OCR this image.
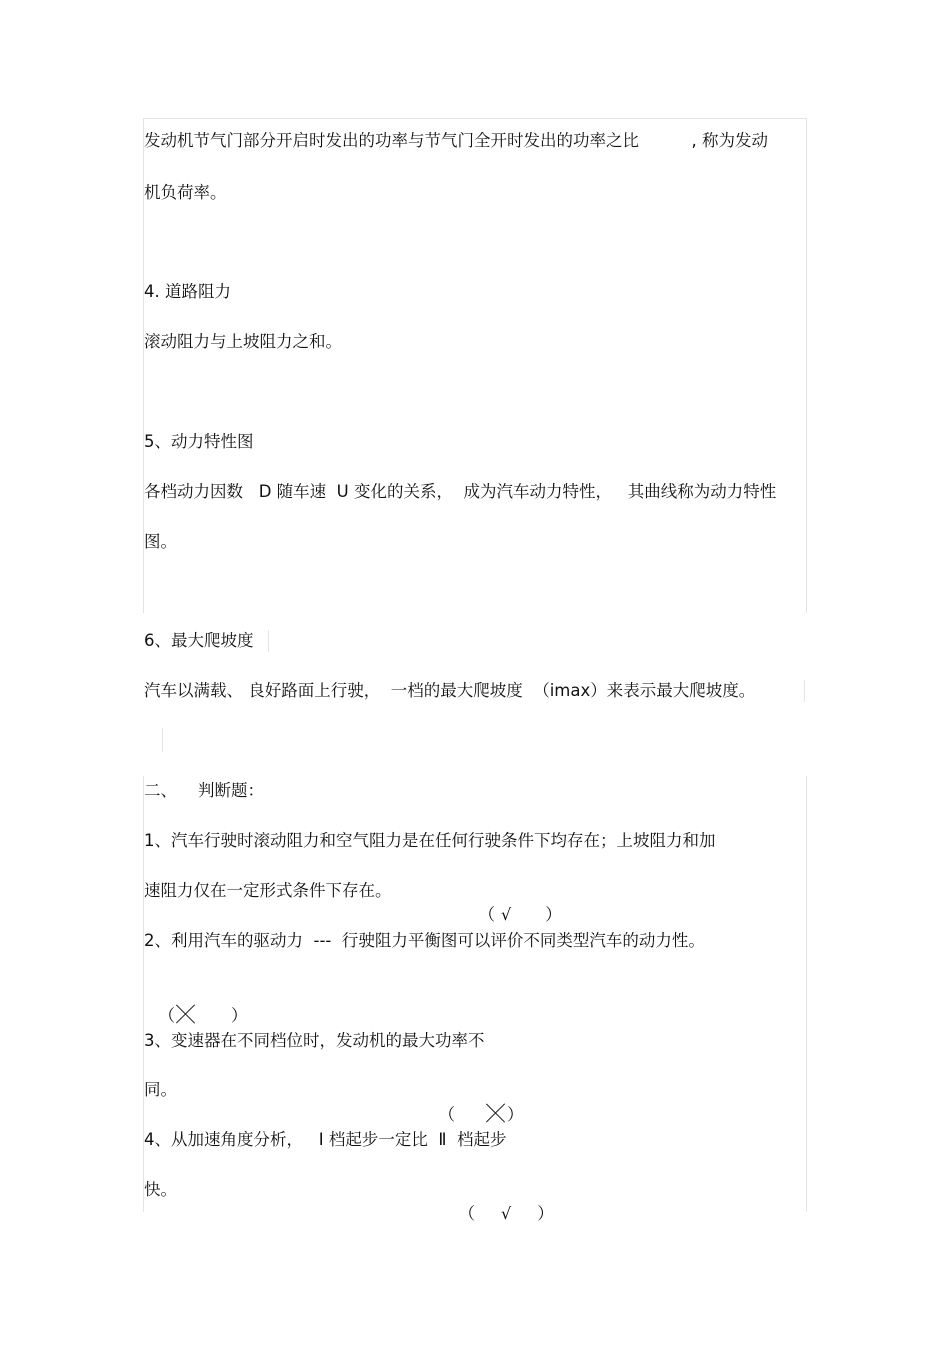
发动机节气门部分开启时发出的功率与节气门全开时发出的功率之比          , 称为发动
机负荷率。
4. 道路阻力
滚动阻力与上坡阻力之和。
5、动力特性图
各档动力因数   D 随车速  U 变化的关系，  成为汽车动力特性，   其曲线称为动力特性
图。
6、最大爬坡度
汽车以满载、 良好路面上行驶，  一档的最大爬坡度  （imax）来表示最大爬坡度。
二、    判断题：
1、汽车行驶时滚动阻力和空气阻力是在任何行驶条件下均存在；上坡阻力和加
速阻力仅在一定形式条件下存在。

（ √ ）

2、利用汽车的驱动力  ---  行驶阻力平衡图可以评价不同类型汽车的动力性。

（	）

3、变速器在不同档位时，发动机的最大功率不
同。

（	）

4、从加速角度分析，   Ⅰ 档起步一定比  Ⅱ  档起步
快。

（ √ ）
